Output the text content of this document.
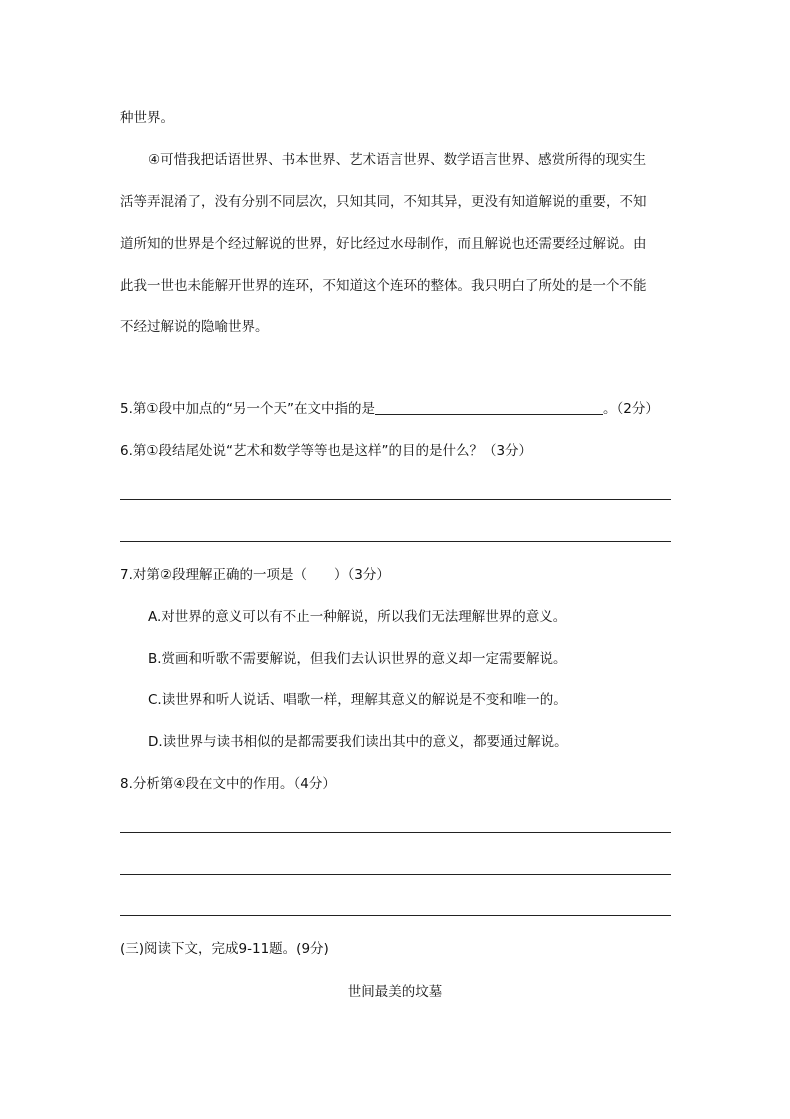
种世界。
④可惜我把话语世界、书本世界、艺术语言世界、数学语言世界、感赏所得的现实生
活等弄混淆了，没有分别不同层次，只知其同，不知其异，更没有知道解说的重要，不知
道所知的世界是个经过解说的世界，好比经过水母制作，而且解说也还需要经过解说。由
此我一世也未能解开世界的连环，不知道这个连环的整体。我只明白了所处的是一个不能
不经过解说的隐喻世界。
5.第①段中加点的“另一个天”在文中指的是	。（2分）
6.第①段结尾处说“艺术和数学等等也是这样”的目的是什么？（3分）
7.对第②段理解正确的一项是（　　）（3分）
A.对世界的意义可以有不止一种解说，所以我们无法理解世界的意义。
B.赏画和听歌不需要解说，但我们去认识世界的意义却一定需要解说。
C.读世界和听人说话、唱歌一样，理解其意义的解说是不变和唯一的。
D.读世界与读书相似的是都需要我们读出其中的意义，都要通过解说。
8.分析第④段在文中的作用。（4分）
(三)阅读下文，完成9-11题。(9分)
世间最美的坟墓
